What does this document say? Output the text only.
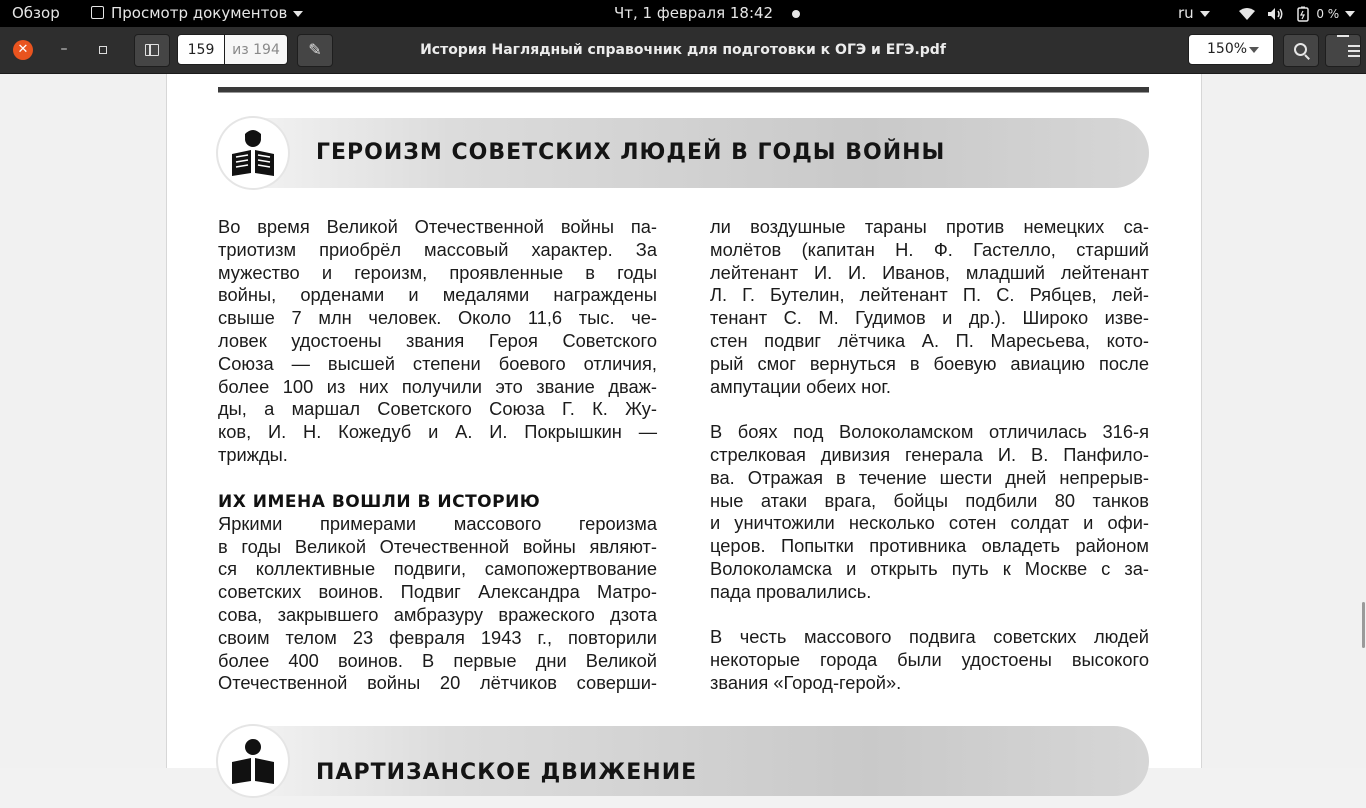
Обзор	Просмотр документов	Чт, 1 февраля 18:42	ru	0 %
✕	–	✎	История Наглядный справочник для подготовки к ОГЭ и ЕГЭ.pdf	150%
159	из 194
ГЕРОИЗМ СОВЕТСКИХ ЛЮДЕЙ В ГОДЫ ВОЙНЫ

Во время Великой Отечественной войны па-
триотизм приобрёл массовый характер. За
мужество и героизм, проявленные в годы
войны, орденами и медалями награждены
свыше 7 млн человек. Около 11,6 тыс. че-
ловек удостоены звания Героя Советского
Союза — высшей степени боевого отличия,
более 100 из них получили это звание дваж-
ды, а маршал Советского Союза Г. К. Жу-
ков, И. Н. Кожедуб и А. И. Покрышкин —
трижды.

ИХ ИМЕНА ВОШЛИ В ИСТОРИЮ

Яркими примерами массового героизма
в годы Великой Отечественной войны являют-
ся коллективные подвиги, самопожертвование
советских воинов. Подвиг Александра Матро-
сова, закрывшего амбразуру вражеского дзота
своим телом 23 февраля 1943 г., повторили
более 400 воинов. В первые дни Великой
Отечественной войны 20 лётчиков соверши-

ли воздушные тараны против немецких са-
молётов (капитан Н. Ф. Гастелло, старший
лейтенант И. И. Иванов, младший лейтенант
Л. Г. Бутелин, лейтенант П. С. Рябцев, лей-
тенант С. М. Гудимов и др.). Широко изве-
стен подвиг лётчика А. П. Маресьева, кото-
рый смог вернуться в боевую авиацию после
ампутации обеих ног.

В боях под Волоколамском отличилась 316-я
стрелковая дивизия генерала И. В. Панфило-
ва. Отражая в течение шести дней непрерыв-
ные атаки врага, бойцы подбили 80 танков
и уничтожили несколько сотен солдат и офи-
церов. Попытки противника овладеть районом
Волоколамска и открыть путь к Москве с за-
пада провалились.

В честь массового подвига советских людей
некоторые города были удостоены высокого
звания «Город-герой».

ПАРТИЗАНСКОЕ ДВИЖЕНИЕ
